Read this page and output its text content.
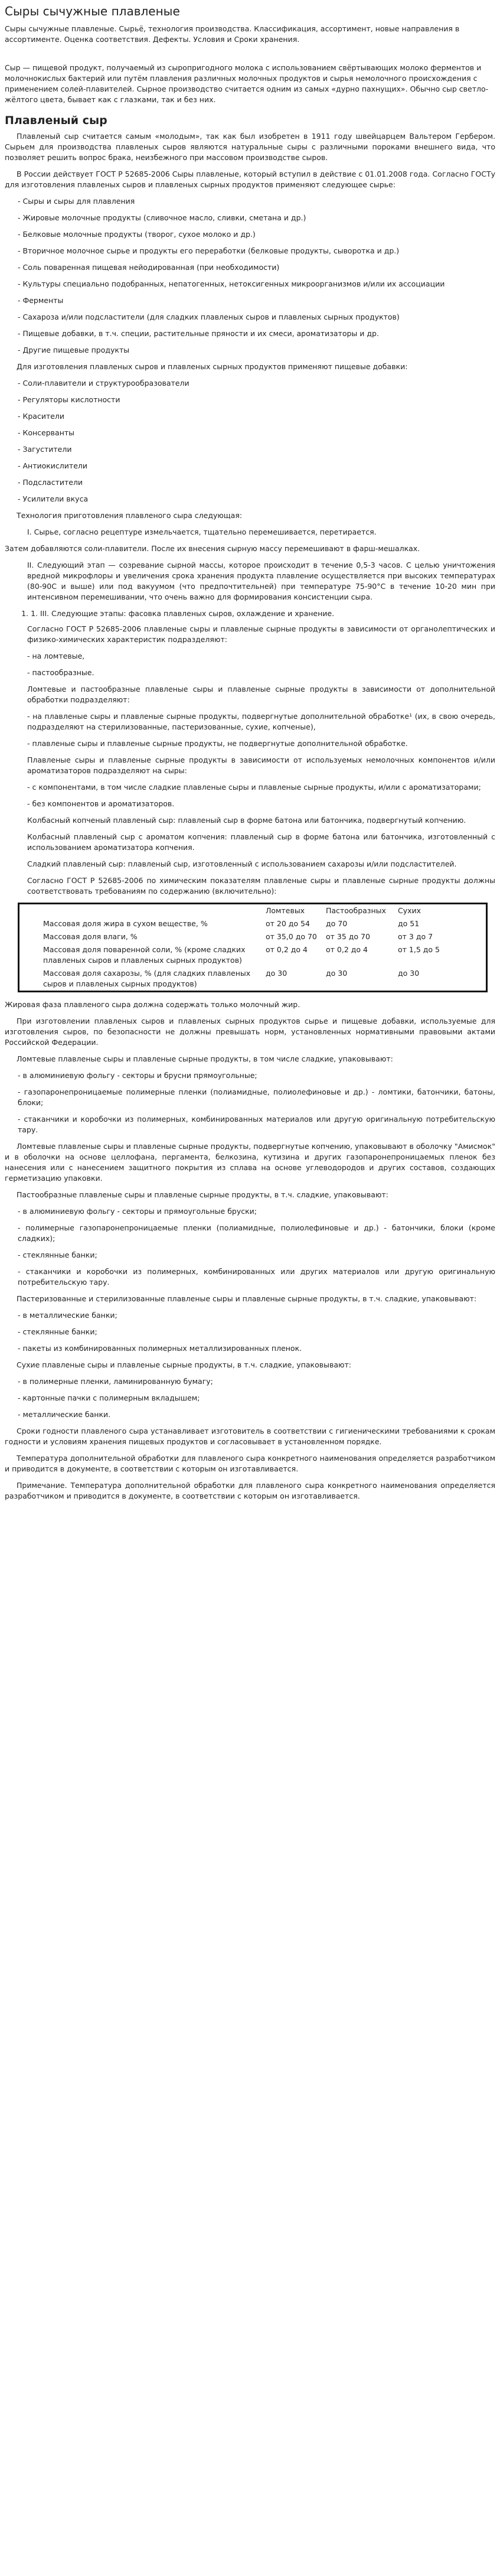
Сыры сычужные плавленые

Сыры сычужные плавленые. Сырьё, технология производства. Классификация, ассортимент, новые направления в ассортименте. Оценка соответствия. Дефекты. Условия и Сроки хранения.

Сыр — пищевой продукт, получаемый из сыропригодного молока с использованием свёртывающих молоко ферментов и молочнокислых бактерий или путём плавления различных молочных продуктов и сырья немолочного происхождения с применением солей-плавителей. Сырное производство считается одним из самых «дурно пахнущих». Обычно сыр светло-жёлтого цвета, бывает как с глазками, так и без них.

Плавленый сыр

Плавленый сыр считается самым «молодым», так как был изобретен в 1911 году швейцарцем Вальтером Гербером. Сырьем для производства плавленых сыров являются натуральные сыры с различными пороками внешнего вида, что позволяет решить вопрос брака, неизбежного при массовом производстве сыров.

В России действует ГОСТ Р 52685-2006 Сыры плавленые, который вступил в действие с 01.01.2008 года. Согласно ГОСТу для изготовления плавленых сыров и плавленых сырных продуктов применяют следующее сырье:

- Сыры и сыры для плавления

- Жировые молочные продукты (сливочное масло, сливки, сметана и др.)

- Белковые молочные продукты (творог, сухое молоко и др.)

- Вторичное молочное сырье и продукты его переработки (белковые продукты, сыворотка и др.)

- Соль поваренная пищевая нейодированная (при необходимости)

- Культуры специально подобранных, непатогенных, нетоксигенных микроорганизмов и/или их ассоциации

- Ферменты

- Сахароза и/или подсластители (для сладких плавленых сыров и плавленых сырных продуктов)

- Пищевые добавки, в т.ч. специи, растительные пряности и их смеси, ароматизаторы и др.

- Другие пищевые продукты

Для изготовления плавленых сыров и плавленых сырных продуктов применяют пищевые добавки:

- Соли-плавители и структурообразователи

- Регуляторы кислотности

- Красители

- Консерванты

- Загустители

- Антиокислители

- Подсластители

- Усилители вкуса

Технология приготовления плавленого сыра следующая:

I. Сырье, согласно рецептуре измельчается, тщательно перемешивается, перетирается.

Затем добавляются соли-плавители. После их внесения сырную массу перемешивают в фарш-мешалках.

II. Следующий этап — созревание сырной массы, которое происходит в течение 0,5-3 часов. С целью уничтожения вредной микрофлоры и увеличения срока хранения продукта плавление осуществляется при высоких температурах (80-90С и выше) или под вакуумом (что предпочтительней) при температуре 75-90°С в течение 10-20 мин при интенсивном перемешивании, что очень важно для формирования консистенции сыра.

1. 1. III. Следующие этапы: фасовка плавленых сыров, охлаждение и хранение.

Согласно ГОСТ Р 52685-2006 плавленые сыры и плавленые сырные продукты в зависимости от органолептических и физико-химических характеристик подразделяют:

- на ломтевые,

- пастообразные.

Ломтевые и пастообразные плавленые сыры и плавленые сырные продукты в зависимости от дополнительной обработки подразделяют:

- на плавленые сыры и плавленые сырные продукты, подвергнутые дополнительной обработке¹ (их, в свою очередь, подразделяют на стерилизованные, пастеризованные, сухие, копченые),

- плавленые сыры и плавленые сырные продукты, не подвергнутые дополнительной обработке.

Плавленые сыры и плавленые сырные продукты в зависимости от используемых немолочных компонентов и/или ароматизаторов подразделяют на сыры:

- с компонентами, в том числе сладкие плавленые сыры и плавленые сырные продукты, и/или с ароматизаторами;

- без компонентов и ароматизаторов.

Колбасный копченый плавленый сыр: плавленый сыр в форме батона или батончика, подвергнутый копчению.

Колбасный плавленый сыр с ароматом копчения: плавленый сыр в форме батона или батончика, изготовленный с использованием ароматизатора копчения.

Сладкий плавленый сыр: плавленый сыр, изготовленный с использованием сахарозы и/или подсластителей.

Согласно ГОСТ Р 52685-2006 по химическим показателям плавленые сыры и плавленые сырные продукты должны соответствовать требованиям по содержанию (включительно):

	Ломтевых	Пастообразных	Сухих
Массовая доля жира в сухом веществе, %	от 20 до 54	до 70	до 51
Массовая доля влаги, %	от 35,0 до 70	от 35 до 70	от 3 до 7
Массовая доля поваренной соли, % (кроме сладких плавленых сыров и плавленых сырных продуктов)	от 0,2 до 4	от 0,2 до 4	от 1,5 до 5
Массовая доля сахарозы, % (для сладких плавленых сыров и плавленых сырных продуктов)	до 30	до 30	до 30

Жировая фаза плавленого сыра должна содержать только молочный жир.

При изготовлении плавленых сыров и плавленых сырных продуктов сырье и пищевые добавки, используемые для изготовления сыров, по безопасности не должны превышать норм, установленных нормативными правовыми актами Российской Федерации.

Ломтевые плавленые сыры и плавленые сырные продукты, в том числе сладкие, упаковывают:

- в алюминиевую фольгу - секторы и брусни прямоугольные;

- газопаронепроницаемые полимерные пленки (полиамидные, полиолефиновые и др.) - ломтики, батончики, батоны, блоки;

- стаканчики и коробочки из полимерных, комбинированных материалов или другую оригинальную потребительскую тару.

Ломтевые плавленые сыры и плавленые сырные продукты, подвергнутые копчению, упаковывают в оболочку "Амисмок" и в оболочки на основе целлофана, пергамента, белкозина, кутизина и других газопаронепроницаемых пленок без нанесения или с нанесением защитного покрытия из сплава на основе углеводородов и других составов, создающих герметизацию упаковки.

Пастообразные плавленые сыры и плавленые сырные продукты, в т.ч. сладкие, упаковывают:

- в алюминиевую фольгу - секторы и прямоугольные бруски;

- полимерные газопаронепроницаемые пленки (полиамидные, полиолефиновые и др.) - батончики, блоки (кроме сладких);

- стеклянные банки;

- стаканчики и коробочки из полимерных, комбинированных или других материалов или другую оригинальную потребительскую тару.

Пастеризованные и стерилизованные плавленые сыры и плавленые сырные продукты, в т.ч. сладкие, упаковывают:

- в металлические банки;

- стеклянные банки;

- пакеты из комбинированных полимерных металлизированных пленок.

Сухие плавленые сыры и плавленые сырные продукты, в т.ч. сладкие, упаковывают:

- в полимерные пленки, ламинированную бумагу;

- картонные пачки с полимерным вкладышем;

- металлические банки.

Сроки годности плавленого сыра устанавливает изготовитель в соответствии с гигиеническими требованиями к срокам годности и условиям хранения пищевых продуктов и согласовывает в установленном порядке.

Температура дополнительной обработки для плавленого сыра конкретного наименования определяется разработчиком и приводится в документе, в соответствии с которым он изготавливается.

Примечание. Температура дополнительной обработки для плавленого сыра конкретного наименования определяется разработчиком и приводится в документе, в соответствии с которым он изготавливается.
